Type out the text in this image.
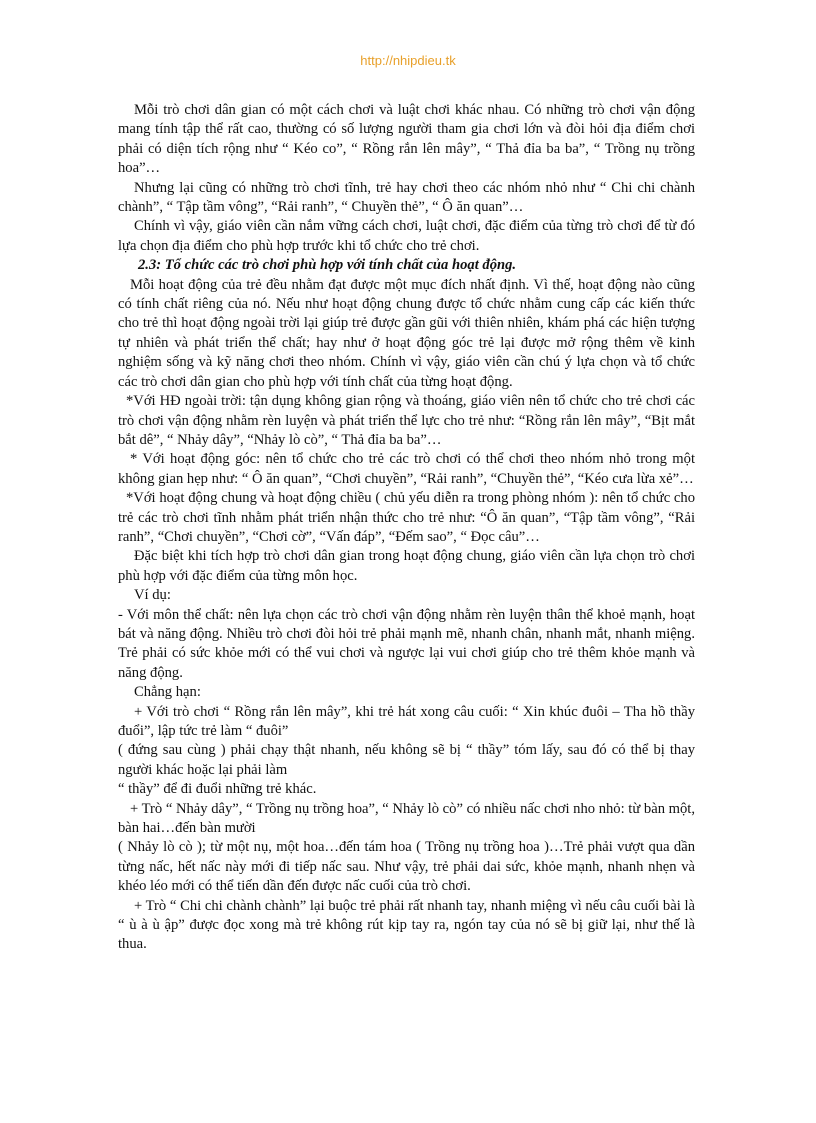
http://nhipdieu.tk

Mỗi trò chơi dân gian có một cách chơi và luật chơi khác nhau. Có những trò chơi vận động mang tính tập thể rất cao, thường có số lượng người tham gia chơi lớn và đòi hỏi địa điểm chơi phải có diện tích rộng như “ Kéo co”, “ Rồng rắn lên mây”, “ Thả đỉa ba ba”, “ Trồng nụ trồng hoa”…

Nhưng lại cũng có những trò chơi tĩnh, trẻ hay chơi theo các nhóm nhỏ như “ Chi chi chành chành”, “ Tập tầm vông”, “Rải ranh”, “ Chuyền thẻ”, “ Ô ăn quan”…

Chính vì vậy, giáo viên cần nắm vững cách chơi, luật chơi, đặc điểm của từng trò chơi để từ đó lựa chọn địa điểm cho phù hợp trước khi tổ chức cho trẻ chơi.

2.3: Tổ chức các trò chơi phù hợp với tính chất của hoạt động.

Mỗi hoạt động của trẻ đều nhằm đạt được một mục đích nhất định. Vì thế, hoạt động nào cũng có tính chất riêng của nó. Nếu như hoạt động chung được tổ chức nhằm cung cấp các kiến thức cho trẻ thì hoạt động ngoài trời lại giúp trẻ được gần gũi với thiên nhiên, khám phá các hiện tượng tự nhiên và phát triển thể chất; hay như ở hoạt động góc trẻ lại được mở rộng thêm về kinh nghiệm sống và kỹ năng chơi theo nhóm. Chính vì vậy, giáo viên cần chú ý lựa chọn và tổ chức các trò chơi dân gian cho phù hợp với tính chất của từng hoạt động.

*Với HĐ ngoài trời: tận dụng không gian rộng và thoáng, giáo viên nên tổ chức cho trẻ chơi các trò chơi vận động nhằm rèn luyện và phát triển thể lực cho trẻ như: “Rồng rắn lên mây”, “Bịt mắt bắt dê”, “ Nhảy dây”, “Nhảy lò cò”, “ Thả đỉa ba ba”…

* Với hoạt động góc: nên tổ chức cho trẻ các trò chơi có thể chơi theo nhóm nhỏ trong một không gian hẹp như: “ Ô ăn quan”, “Chơi chuyền”, “Rải ranh”, “Chuyền thẻ”, “Kéo cưa lừa xẻ”…

*Với hoạt động chung và hoạt động chiều ( chủ yếu diễn ra trong phòng nhóm ): nên tổ chức cho trẻ các trò chơi tĩnh nhằm phát triển nhận thức cho trẻ như: “Ô ăn quan”, “Tập tầm vông”, “Rải ranh”, “Chơi chuyền”, “Chơi cờ”, “Vấn đáp”, “Đếm sao”, “ Đọc câu”…

Đặc biệt khi tích hợp trò chơi dân gian trong hoạt động chung, giáo viên cần lựa chọn trò chơi phù hợp với đặc điểm của từng môn học.

Ví dụ:

- Với môn thể chất: nên lựa chọn các trò chơi vận động nhằm rèn luyện thân thể khoẻ mạnh, hoạt bát và năng động. Nhiều trò chơi đòi hỏi trẻ phải mạnh mẽ, nhanh chân, nhanh mắt, nhanh miệng. Trẻ phải có sức khỏe mới có thể vui chơi và ngược lại vui chơi giúp cho trẻ thêm khỏe mạnh và năng động.

Chẳng hạn:

+ Với trò chơi “ Rồng rắn lên mây”, khi trẻ hát xong câu cuối: “ Xin khúc đuôi – Tha hồ thầy đuổi”, lập tức trẻ làm “ đuôi”

( đứng sau cùng ) phải chạy thật nhanh, nếu không sẽ bị “ thầy” tóm lấy, sau đó có thể bị thay người khác hoặc lại phải làm

“ thầy” để đi đuổi những trẻ khác.

+ Trò “ Nhảy dây”, “ Trồng nụ trồng hoa”, “ Nhảy lò cò” có nhiều nấc chơi nho nhỏ: từ bàn một, bàn hai…đến bàn mười

( Nhảy lò cò ); từ một nụ, một hoa…đến tám hoa ( Trồng nụ trồng hoa )…Trẻ phải vượt qua dần từng nấc, hết nấc này mới đi tiếp nấc sau. Như vậy, trẻ phải dai sức, khỏe mạnh, nhanh nhẹn và khéo léo mới có thể tiến dần đến được nấc cuối của trò chơi.

+ Trò “ Chi chi chành chành” lại buộc trẻ phải rất nhanh tay, nhanh miệng vì nếu câu cuối bài là “ ù à ù ập” được đọc xong mà trẻ không rút kịp tay ra, ngón tay của nó sẽ bị giữ lại, như thế là thua.
